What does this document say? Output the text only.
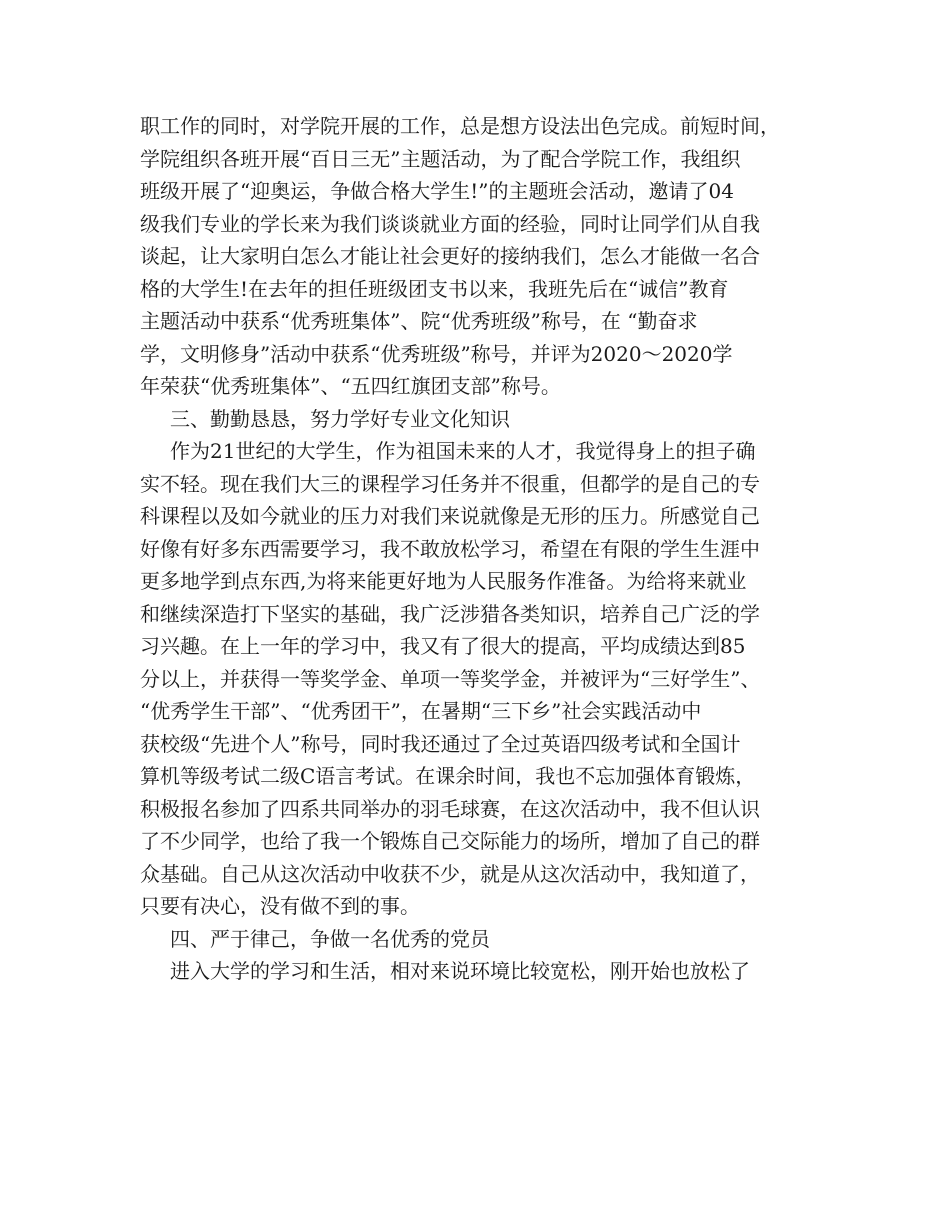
职工作的同时，对学院开展的工作，总是想方设法出色完成。前短时间，
学院组织各班开展“百日三无”主题活动，为了配合学院工作，我组织
班级开展了“迎奥运，争做合格大学生!”的主题班会活动，邀请了04
级我们专业的学长来为我们谈谈就业方面的经验，同时让同学们从自我
谈起，让大家明白怎么才能让社会更好的接纳我们，怎么才能做一名合
格的大学生!在去年的担任班级团支书以来，我班先后在“诚信”教育
主题活动中获系“优秀班集体”、院“优秀班级”称号，在 “勤奋求
学，文明修身”活动中获系“优秀班级”称号，并评为2020～2020学
年荣获“优秀班集体”、“五四红旗团支部”称号。
三、勤勤恳恳，努力学好专业文化知识
作为21世纪的大学生，作为祖国未来的人才，我觉得身上的担子确
实不轻。现在我们大三的课程学习任务并不很重，但都学的是自己的专
科课程以及如今就业的压力对我们来说就像是无形的压力。所感觉自己
好像有好多东西需要学习，我不敢放松学习，希望在有限的学生生涯中
更多地学到点东西,为将来能更好地为人民服务作准备。为给将来就业
和继续深造打下坚实的基础，我广泛涉猎各类知识，培养自己广泛的学
习兴趣。在上一年的学习中，我又有了很大的提高，平均成绩达到85
分以上，并获得一等奖学金、单项一等奖学金，并被评为“三好学生”、
“优秀学生干部”、“优秀团干”，在暑期“三下乡”社会实践活动中
获校级“先进个人”称号，同时我还通过了全过英语四级考试和全国计
算机等级考试二级C语言考试。在课余时间，我也不忘加强体育锻炼，
积极报名参加了四系共同举办的羽毛球赛，在这次活动中，我不但认识
了不少同学，也给了我一个锻炼自己交际能力的场所，增加了自己的群
众基础。自己从这次活动中收获不少，就是从这次活动中，我知道了，
只要有决心，没有做不到的事。
四、严于律己，争做一名优秀的党员
进入大学的学习和生活，相对来说环境比较宽松，刚开始也放松了
